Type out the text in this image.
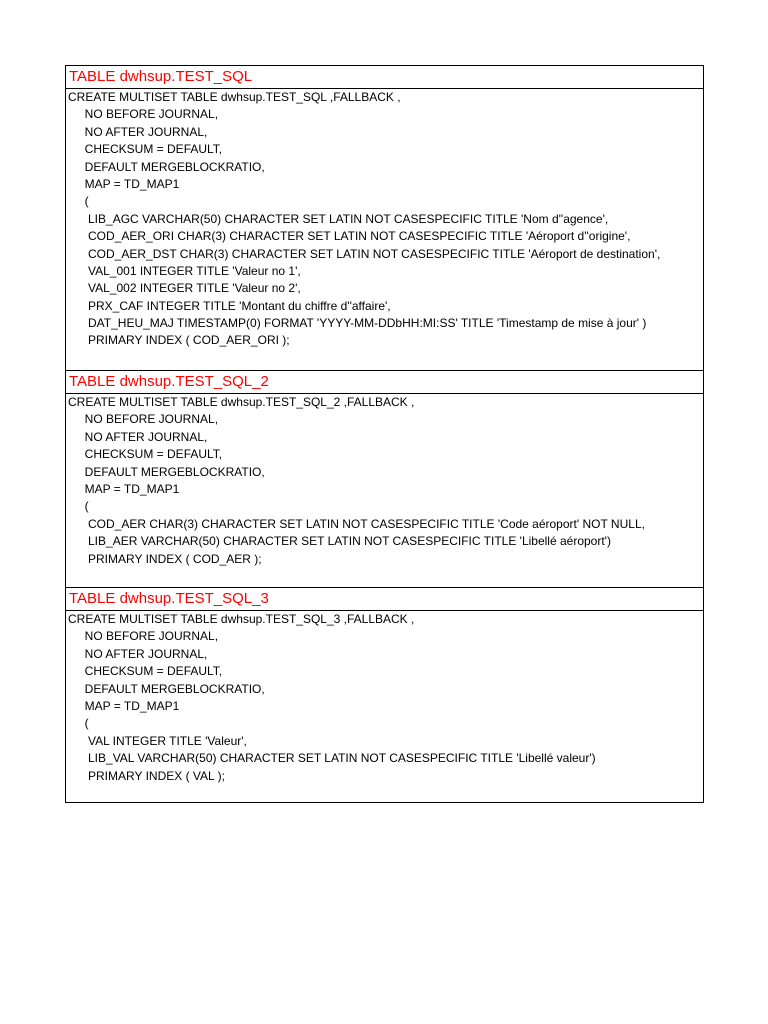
TABLE dwhsup.TEST_SQL
CREATE MULTISET TABLE dwhsup.TEST_SQL ,FALLBACK ,
NO BEFORE JOURNAL,
NO AFTER JOURNAL,
CHECKSUM = DEFAULT,
DEFAULT MERGEBLOCKRATIO,
MAP = TD_MAP1
(
LIB_AGC VARCHAR(50) CHARACTER SET LATIN NOT CASESPECIFIC TITLE 'Nom d''agence',
COD_AER_ORI CHAR(3) CHARACTER SET LATIN NOT CASESPECIFIC TITLE 'Aéroport d''origine',
COD_AER_DST CHAR(3) CHARACTER SET LATIN NOT CASESPECIFIC TITLE 'Aéroport de destination',
VAL_001 INTEGER TITLE 'Valeur no 1',
VAL_002 INTEGER TITLE 'Valeur no 2',
PRX_CAF INTEGER TITLE 'Montant du chiffre d''affaire',
DAT_HEU_MAJ TIMESTAMP(0) FORMAT 'YYYY-MM-DDbHH:MI:SS' TITLE 'Timestamp de mise à jour' )
PRIMARY INDEX ( COD_AER_ORI );
TABLE dwhsup.TEST_SQL_2
CREATE MULTISET TABLE dwhsup.TEST_SQL_2 ,FALLBACK ,
NO BEFORE JOURNAL,
NO AFTER JOURNAL,
CHECKSUM = DEFAULT,
DEFAULT MERGEBLOCKRATIO,
MAP = TD_MAP1
(
COD_AER CHAR(3) CHARACTER SET LATIN NOT CASESPECIFIC TITLE 'Code aéroport' NOT NULL,
LIB_AER VARCHAR(50) CHARACTER SET LATIN NOT CASESPECIFIC TITLE 'Libellé aéroport')
PRIMARY INDEX ( COD_AER );
TABLE dwhsup.TEST_SQL_3
CREATE MULTISET TABLE dwhsup.TEST_SQL_3 ,FALLBACK ,
NO BEFORE JOURNAL,
NO AFTER JOURNAL,
CHECKSUM = DEFAULT,
DEFAULT MERGEBLOCKRATIO,
MAP = TD_MAP1
(
VAL INTEGER TITLE 'Valeur',
LIB_VAL VARCHAR(50) CHARACTER SET LATIN NOT CASESPECIFIC TITLE 'Libellé valeur')
PRIMARY INDEX ( VAL );
